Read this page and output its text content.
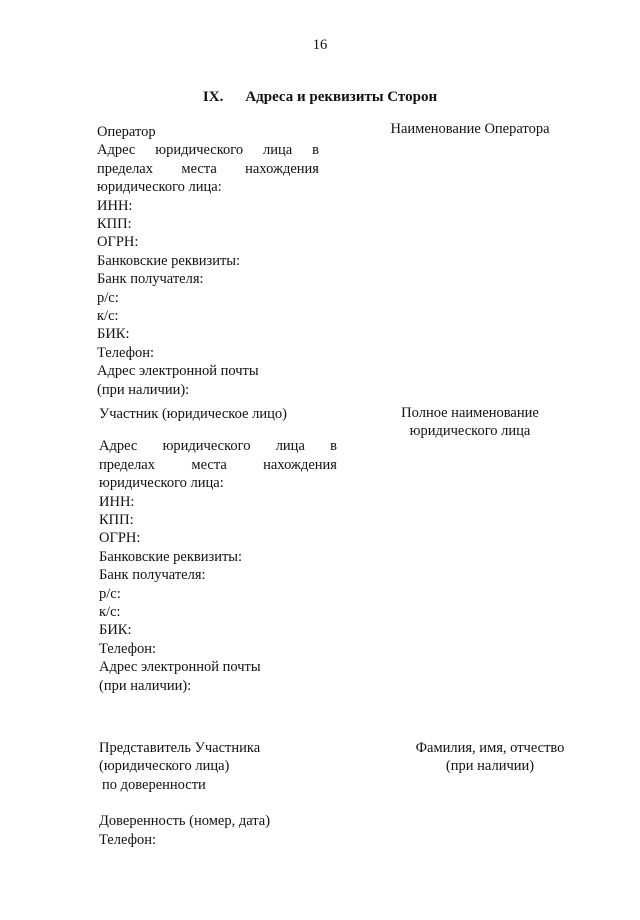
16
IX. Адреса и реквизиты Сторон
Оператор
Адрес юридического лица в
пределах места нахождения
юридического лица:
ИНН:
КПП:
ОГРН:
Банковские реквизиты:
Банк получателя:
р/с:
к/с:
БИК:
Телефон:
Адрес электронной почты
(при наличии):
Наименование Оператора
Участник (юридическое лицо)
Адрес юридического лица в
пределах	места	нахождения
юридического лица:
ИНН:
КПП:
ОГРН:
Банковские реквизиты:
Банк получателя:
р/с:
к/с:
БИК:
Телефон:
Адрес электронной почты
(при наличии):
Полное наименование
юридического лица
Представитель Участника
(юридического лица)
по доверенности
Доверенность (номер, дата)
Телефон:
Фамилия, имя, отчество
(при наличии)
